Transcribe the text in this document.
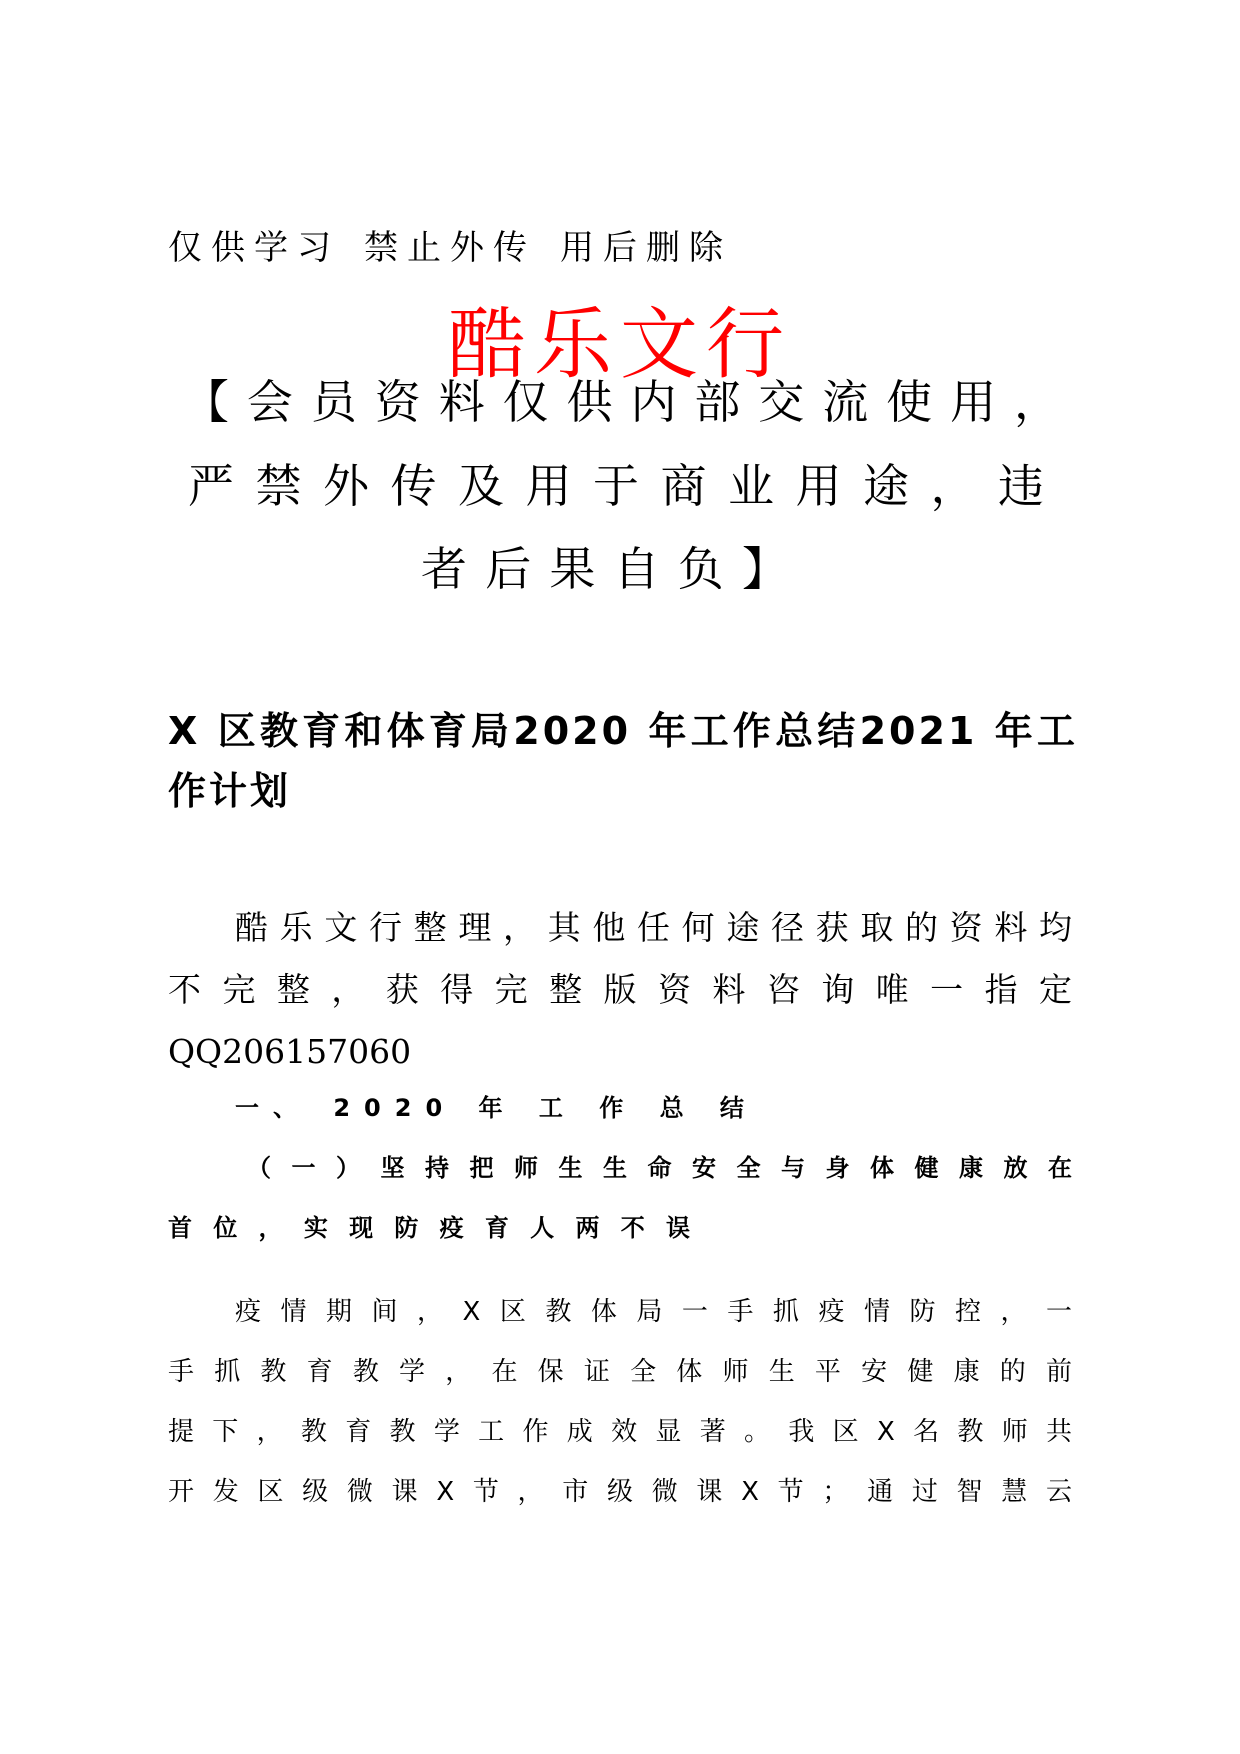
仅供学习 禁止外传 用后删除

酷乐文行

【会员资料仅供内部交流使用，

严禁外传及用于商业用途，违

者后果自负】

X 区教育和体育局2020 年工作总结2021 年工

作计划

酷乐文行整理，其他任何途径获取的资料均

不完整，获得完整版资料咨询唯一指定

QQ206157060

一、 2020 年 工 作 总 结

（一）坚持把师生生命安全与身体健康放在

首位，实现防疫育人两不误

疫情期间，X区教体局一手抓疫情防控，一

手抓教育教学，在保证全体师生平安健康的前

提下，教育教学工作成效显著。我区X名教师共

开发区级微课X节，市级微课X节；通过智慧云
